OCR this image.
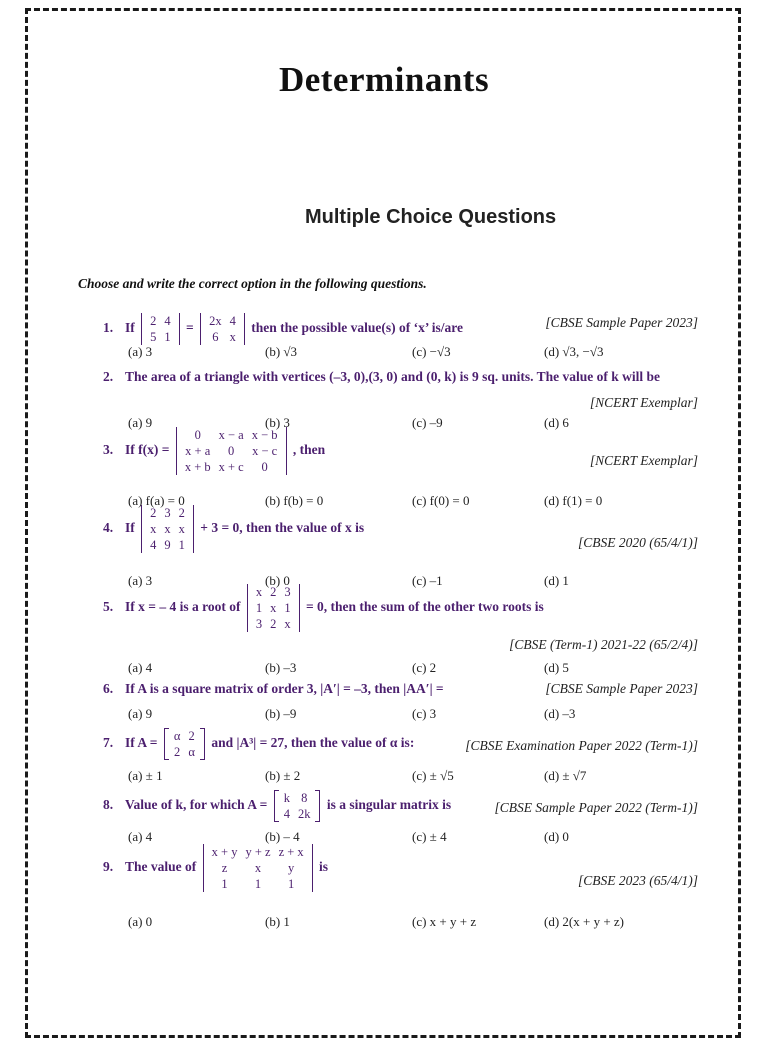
Determinants
Multiple Choice Questions
Choose and write the correct option in the following questions.
1. If 2	4
5	1
= 2x	4
6	x
then the possible value(s) of ‘x’ is/are	[CBSE Sample Paper 2023]
(a) 3	(b) √3	(c) −√3	(d) √3, −√3
2. The area of a triangle with vertices (–3, 0),(3, 0) and (0, k) is 9 sq. units. The value of k will be
[NCERT Exemplar]
(a) 9	(b) 3	(c) –9	(d) 6
3. If f(x) =
0	x − a	x − b
x + a	0	x − c
x + b	x + c	0
, then
[NCERT Exemplar]
(a) f(a) = 0	(b) f(b) = 0	(c) f(0) = 0	(d) f(1) = 0
4. If
2	3	2
x	x	x
4	9	1
+ 3 = 0, then the value of x is
[CBSE 2020 (65/4/1)]
(a) 3	(b) 0	(c) –1	(d) 1
5. If x = – 4 is a root of
x	2	3
1	x	1
3	2	x
= 0, then the sum of the other two roots is
[CBSE (Term-1) 2021-22 (65/2/4)]
(a) 4	(b) –3	(c) 2	(d) 5
6. If A is a square matrix of order 3, |A′| = –3, then |AA′| =	[CBSE Sample Paper 2023]
(a) 9	(b) –9	(c) 3	(d) –3
7. If A = α	2
2	α
and |A³| = 27, then the value of α is:	[CBSE Examination Paper 2022 (Term-1)]
(a) ± 1	(b) ± 2	(c) ± √5	(d) ± √7
8. Value of k, for which A = k	8
4	2k
is a singular matrix is	[CBSE Sample Paper 2022 (Term-1)]
(a) 4	(b) – 4	(c) ± 4	(d) 0
9. The value of
x + y	y + z	z + x
z	x	y
1	1	1
is
[CBSE 2023 (65/4/1)]
(a) 0	(b) 1	(c) x + y + z	(d) 2(x + y + z)
